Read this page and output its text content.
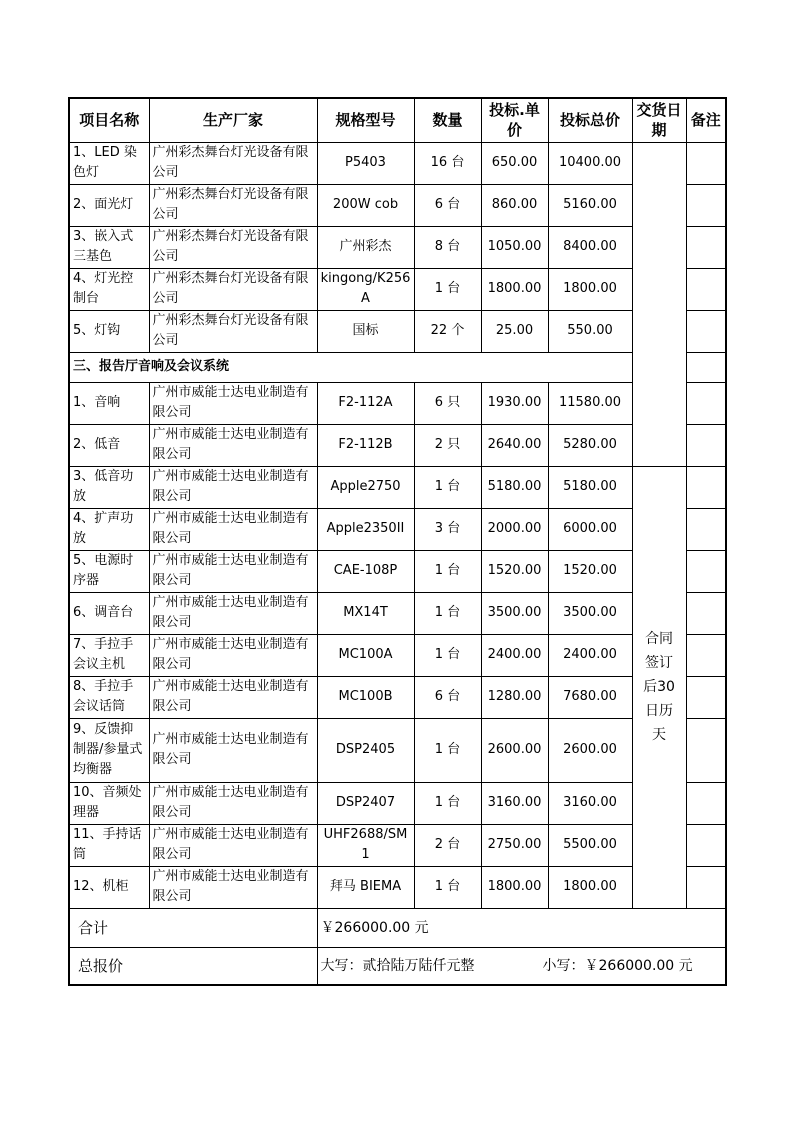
项目名称	生产厂家	规格型号	数量	投标.单价	投标总价	交货日期	备注
1、LED 染色灯	广州彩杰舞台灯光设备有限公司	P5403	16 台	650.00	10400.00		
2、面光灯	广州彩杰舞台灯光设备有限公司	200W cob	6 台	860.00	5160.00		
3、嵌入式三基色	广州彩杰舞台灯光设备有限公司	广州彩杰	8 台	1050.00	8400.00		
4、灯光控制台	广州彩杰舞台灯光设备有限公司	kingong/K256A	1 台	1800.00	1800.00		
5、灯钩	广州彩杰舞台灯光设备有限公司	国标	22 个	25.00	550.00		
三、报告厅音响及会议系统							
1、音响	广州市威能士达电业制造有限公司	F2-112A	6 只	1930.00	11580.00		
2、低音	广州市威能士达电业制造有限公司	F2-112B	2 只	2640.00	5280.00		
3、低音功放	广州市威能士达电业制造有限公司	Apple2750	1 台	5180.00	5180.00	合同签订后30日历天	
4、扩声功放	广州市威能士达电业制造有限公司	Apple2350II	3 台	2000.00	6000.00		
5、电源时序器	广州市威能士达电业制造有限公司	CAE-108P	1 台	1520.00	1520.00		
6、调音台	广州市威能士达电业制造有限公司	MX14T	1 台	3500.00	3500.00		
7、手拉手会议主机	广州市威能士达电业制造有限公司	MC100A	1 台	2400.00	2400.00		
8、手拉手会议话筒	广州市威能士达电业制造有限公司	MC100B	6 台	1280.00	7680.00		
9、反馈抑制器/参量式均衡器	广州市威能士达电业制造有限公司	DSP2405	1 台	2600.00	2600.00		
10、音频处理器	广州市威能士达电业制造有限公司	DSP2407	1 台	3160.00	3160.00		
11、手持话筒	广州市威能士达电业制造有限公司	UHF2688/SM1	2 台	2750.00	5500.00		
12、机柜	广州市威能士达电业制造有限公司	拜马 BIEMA	1 台	1800.00	1800.00		
合计		￥266000.00 元					
总报价		大写：贰拾陆万陆仟元整 小写：￥266000.00 元					
